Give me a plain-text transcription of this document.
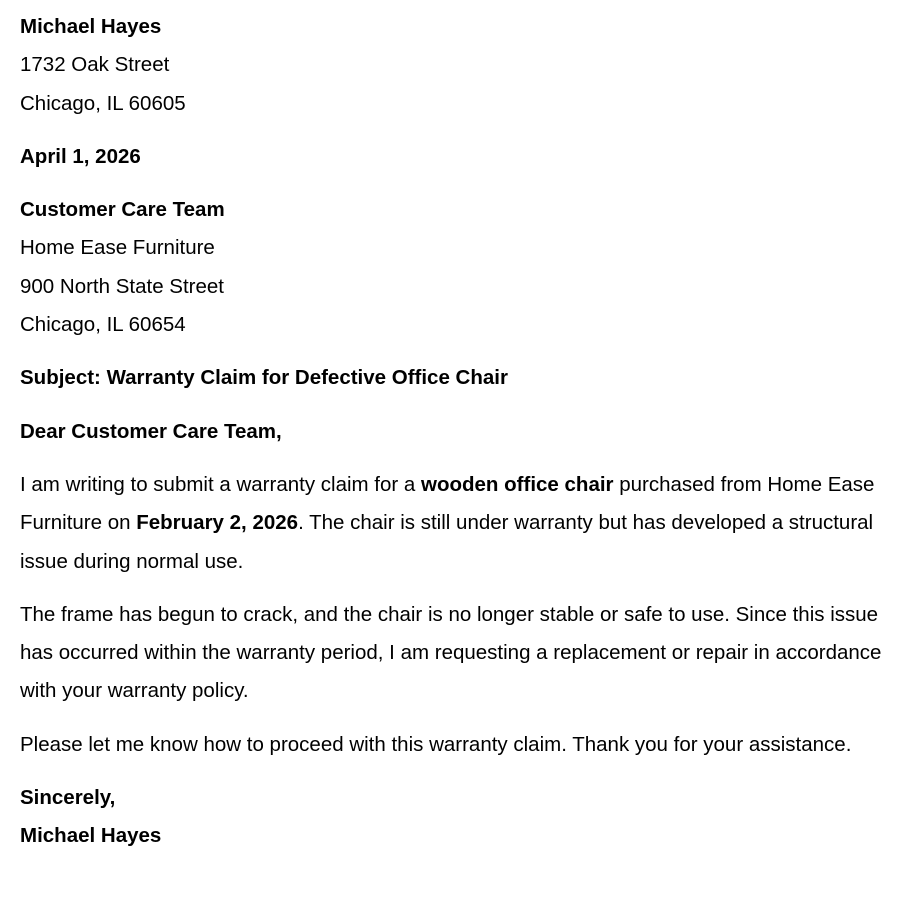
Michael Hayes
1732 Oak Street
Chicago, IL 60605
April 1, 2026
Customer Care Team
Home Ease Furniture
900 North State Street
Chicago, IL 60654
Subject: Warranty Claim for Defective Office Chair
Dear Customer Care Team,
I am writing to submit a warranty claim for a wooden office chair purchased from Home Ease Furniture on February 2, 2026. The chair is still under warranty but has developed a structural issue during normal use.
The frame has begun to crack, and the chair is no longer stable or safe to use. Since this issue has occurred within the warranty period, I am requesting a replacement or repair in accordance with your warranty policy.
Please let me know how to proceed with this warranty claim. Thank you for your assistance.
Sincerely,
Michael Hayes
